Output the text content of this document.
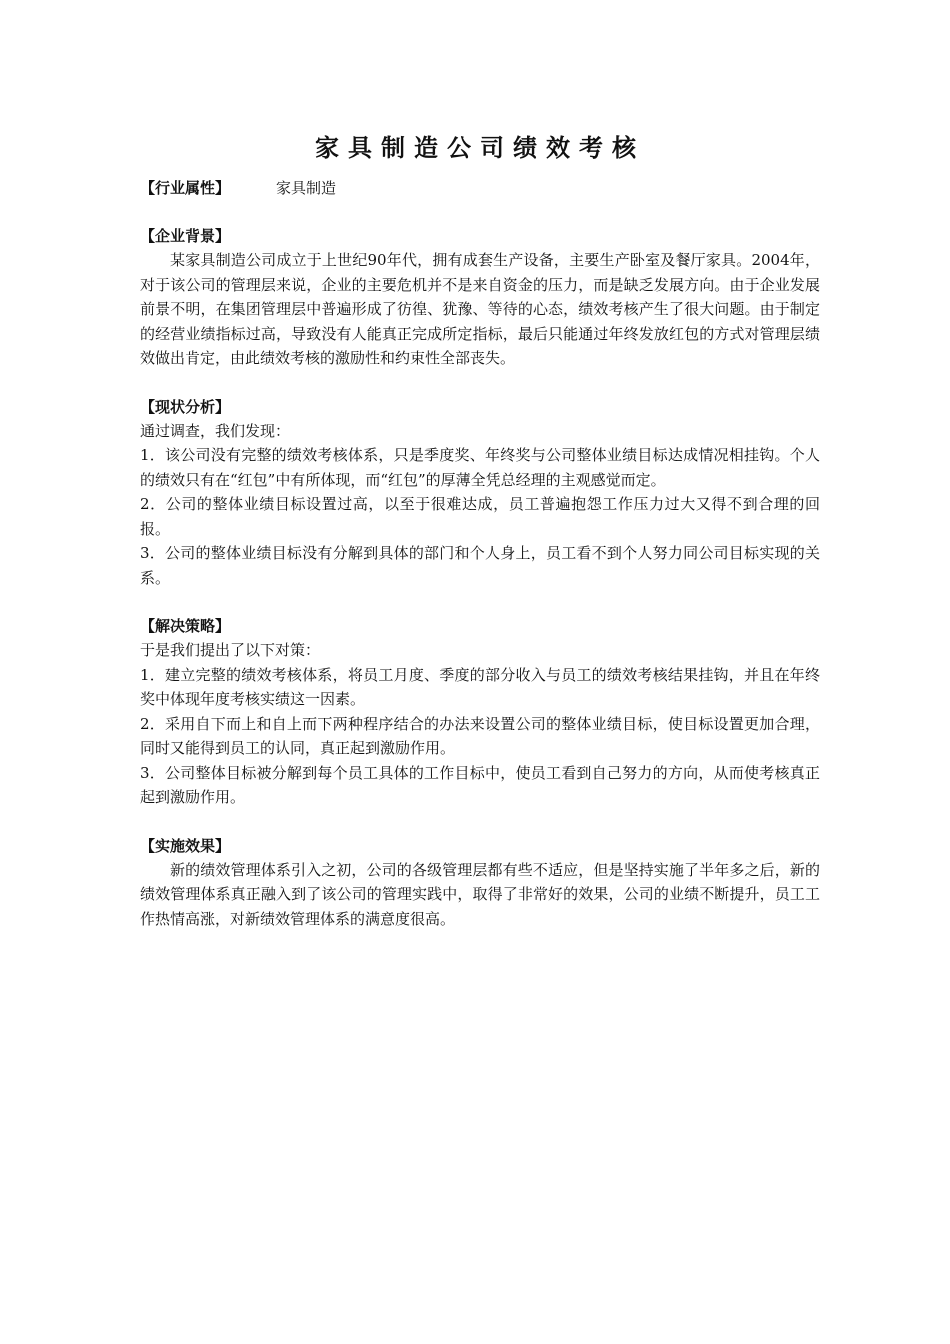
家具制造公司绩效考核
【行业属性】	家具制造

【企业背景】

某家具制造公司成立于上世纪90年代，拥有成套生产设备，主要生产卧室及餐厅家具。2004年，对于该公司的管理层来说，企业的主要危机并不是来自资金的压力，而是缺乏发展方向。由于企业发展前景不明，在集团管理层中普遍形成了彷徨、犹豫、等待的心态，绩效考核产生了很大问题。由于制定的经营业绩指标过高，导致没有人能真正完成所定指标，最后只能通过年终发放红包的方式对管理层绩效做出肯定，由此绩效考核的激励性和约束性全部丧失。

【现状分析】

通过调查，我们发现：

1．该公司没有完整的绩效考核体系，只是季度奖、年终奖与公司整体业绩目标达成情况相挂钩。个人的绩效只有在“红包”中有所体现，而“红包”的厚薄全凭总经理的主观感觉而定。

2．公司的整体业绩目标设置过高，以至于很难达成，员工普遍抱怨工作压力过大又得不到合理的回报。

3．公司的整体业绩目标没有分解到具体的部门和个人身上，员工看不到个人努力同公司目标实现的关系。

【解决策略】

于是我们提出了以下对策：

1．建立完整的绩效考核体系，将员工月度、季度的部分收入与员工的绩效考核结果挂钩，并且在年终奖中体现年度考核实绩这一因素。

2．采用自下而上和自上而下两种程序结合的办法来设置公司的整体业绩目标，使目标设置更加合理，同时又能得到员工的认同，真正起到激励作用。

3．公司整体目标被分解到每个员工具体的工作目标中，使员工看到自己努力的方向，从而使考核真正起到激励作用。

【实施效果】

新的绩效管理体系引入之初，公司的各级管理层都有些不适应，但是坚持实施了半年多之后，新的绩效管理体系真正融入到了该公司的管理实践中，取得了非常好的效果，公司的业绩不断提升，员工工作热情高涨，对新绩效管理体系的满意度很高。
